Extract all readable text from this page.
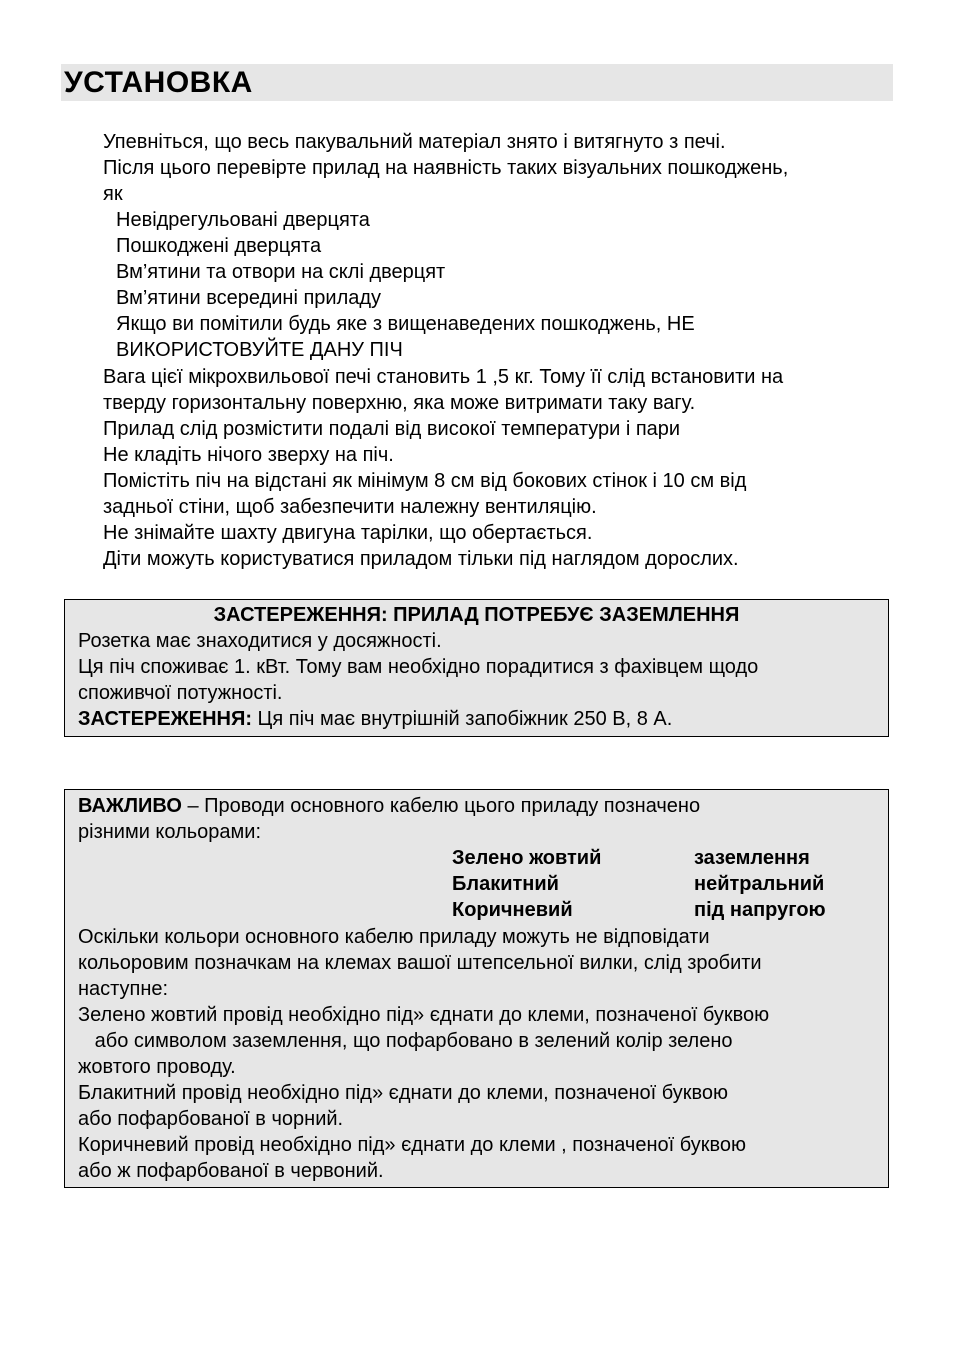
УСТАНОВКА
Упевніться, що весь пакувальний матеріал знято і витягнуто з печі.
Після цього перевірте прилад на наявність таких візуальних пошкоджень,
як
Невідрегульовані дверцята
Пошкоджені дверцята
Вм’ятини та отвори на склі дверцят
Вм’ятини всередині приладу
Якщо ви помітили будь яке з вищенаведених пошкоджень, НЕ
ВИКОРИСТОВУЙТЕ ДАНУ ПІЧ
Вага цієї мікрохвильової печі становить 1 ,5 кг. Тому її слід встановити на
тверду горизонтальну поверхню, яка може витримати таку вагу.
Прилад слід розмістити подалі від високої температури і пари
Не кладіть нічого зверху на піч.
Помістіть піч на відстані як мінімум 8 см від бокових стінок і 10 см від
задньої стіни, щоб забезпечити належну вентиляцію.
Не знімайте шахту двигуна тарілки, що обертається.
Діти можуть користуватися приладом тільки під наглядом дорослих.
ЗАСТЕРЕЖЕННЯ: ПРИЛАД ПОТРЕБУЄ ЗАЗЕМЛЕННЯ
Розетка має знаходитися у досяжності.
Ця піч споживає 1. кВт. Тому вам необхідно порадитися з фахівцем щодо
споживчої потужності.
ЗАСТЕРЕЖЕННЯ: Ця піч має внутрішній запобіжник 250 В, 8 А.
ВАЖЛИВО – Проводи основного кабелю цього приладу позначено
різними кольорами:
Зелено жовтий	заземлення
Блакитний	нейтральний
Коричневий	під напругою
Оскільки кольори основного кабелю приладу можуть не відповідати
кольоровим позначкам на клемах вашої штепсельної вилки, слід зробити
наступне:
Зелено жовтий провід необхідно під» єднати до клеми, позначеної буквою
або символом заземлення, що пофарбовано в зелений колір зелено
жовтого проводу.
Блакитний провід необхідно під» єднати до клеми, позначеної буквою
або пофарбованої в чорний.
Коричневий провід необхідно під» єднати до клеми , позначеної буквою
або ж пофарбованої в червоний.
